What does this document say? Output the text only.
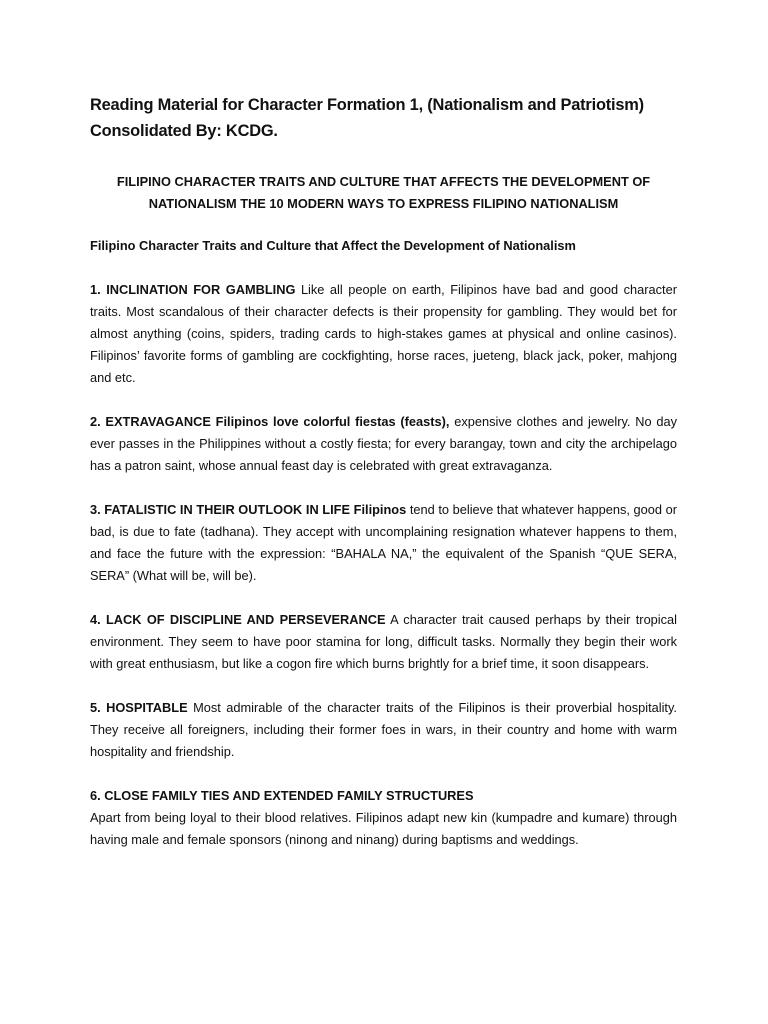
Reading Material for Character Formation 1, (Nationalism and Patriotism)
Consolidated By: KCDG.
FILIPINO CHARACTER TRAITS AND CULTURE THAT AFFECTS THE DEVELOPMENT OF
NATIONALISM THE 10 MODERN WAYS TO EXPRESS FILIPINO NATIONALISM
Filipino Character Traits and Culture that Affect the Development of Nationalism

1. INCLINATION FOR GAMBLING Like all people on earth, Filipinos have bad and good character traits. Most scandalous of their character defects is their propensity for gambling. They would bet for almost anything (coins, spiders, trading cards to high-stakes games at physical and online casinos). Filipinos’ favorite forms of gambling are cockfighting, horse races, jueteng, black jack, poker, mahjong and etc.

2. EXTRAVAGANCE Filipinos love colorful fiestas (feasts), expensive clothes and jewelry. No day ever passes in the Philippines without a costly fiesta; for every barangay, town and city the archipelago has a patron saint, whose annual feast day is celebrated with great extravaganza.

3. FATALISTIC IN THEIR OUTLOOK IN LIFE Filipinos tend to believe that whatever happens, good or bad, is due to fate (tadhana). They accept with uncomplaining resignation whatever happens to them, and face the future with the expression: “BAHALA NA,” the equivalent of the Spanish “QUE SERA, SERA” (What will be, will be).

4. LACK OF DISCIPLINE AND PERSEVERANCE A character trait caused perhaps by their tropical environment. They seem to have poor stamina for long, difficult tasks. Normally they begin their work with great enthusiasm, but like a cogon fire which burns brightly for a brief time, it soon disappears.

5. HOSPITABLE Most admirable of the character traits of the Filipinos is their proverbial hospitality. They receive all foreigners, including their former foes in wars, in their country and home with warm hospitality and friendship.

6. CLOSE FAMILY TIES AND EXTENDED FAMILY STRUCTURES

Apart from being loyal to their blood relatives. Filipinos adapt new kin (kumpadre and kumare) through having male and female sponsors (ninong and ninang) during baptisms and weddings.
